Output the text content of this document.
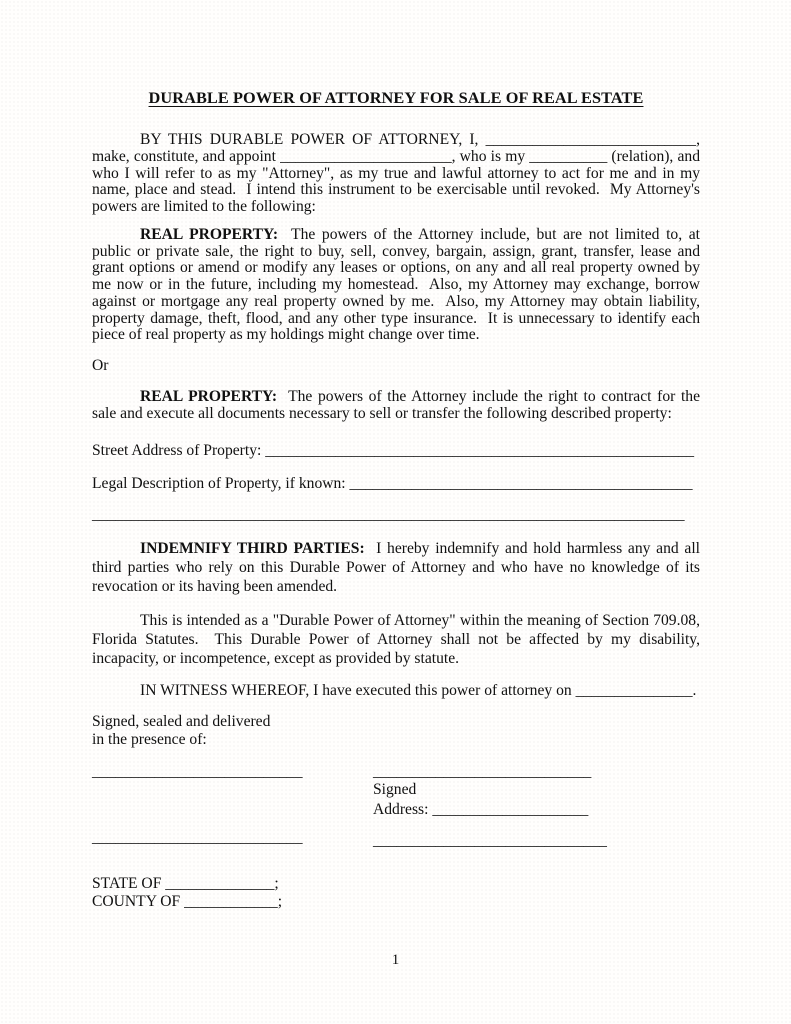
DURABLE POWER OF ATTORNEY FOR SALE OF REAL ESTATE

BY THIS DURABLE POWER OF ATTORNEY, I, ___________________________, make, constitute, and appoint ______________________, who is my __________ (relation), and who I will refer to as my "Attorney", as my true and lawful attorney to act for me and in my name, place and stead.  I intend this instrument to be exercisable until revoked.  My Attorney's powers are limited to the following:

REAL PROPERTY:  The powers of the Attorney include, but are not limited to, at public or private sale, the right to buy, sell, convey, bargain, assign, grant, transfer, lease and grant options or amend or modify any leases or options, on any and all real property owned by me now or in the future, including my homestead.  Also, my Attorney may exchange, borrow against or mortgage any real property owned by me.  Also, my Attorney may obtain liability, property damage, theft, flood, and any other type insurance.  It is unnecessary to identify each piece of real property as my holdings might change over time.

Or

REAL PROPERTY:  The powers of the Attorney include the right to contract for the sale and execute all documents necessary to sell or transfer the following described property:

Street Address of Property: _______________________________________________________

Legal Description of Property, if known: ____________________________________________

____________________________________________________________________________

INDEMNIFY THIRD PARTIES:  I hereby indemnify and hold harmless any and all third parties who rely on this Durable Power of Attorney and who have no knowledge of its revocation or its having been amended.

This is intended as a "Durable Power of Attorney" within the meaning of Section 709.08, Florida Statutes.  This Durable Power of Attorney shall not be affected by my disability, incapacity, or incompetence, except as provided by statute.

IN WITNESS WHEREOF, I have executed this power of attorney on _______________.

Signed, sealed and delivered
in the presence of:
___________________________
___________________________
____________________________
Signed
Address: ____________________
______________________________
STATE OF ______________;
COUNTY OF ____________;
1
